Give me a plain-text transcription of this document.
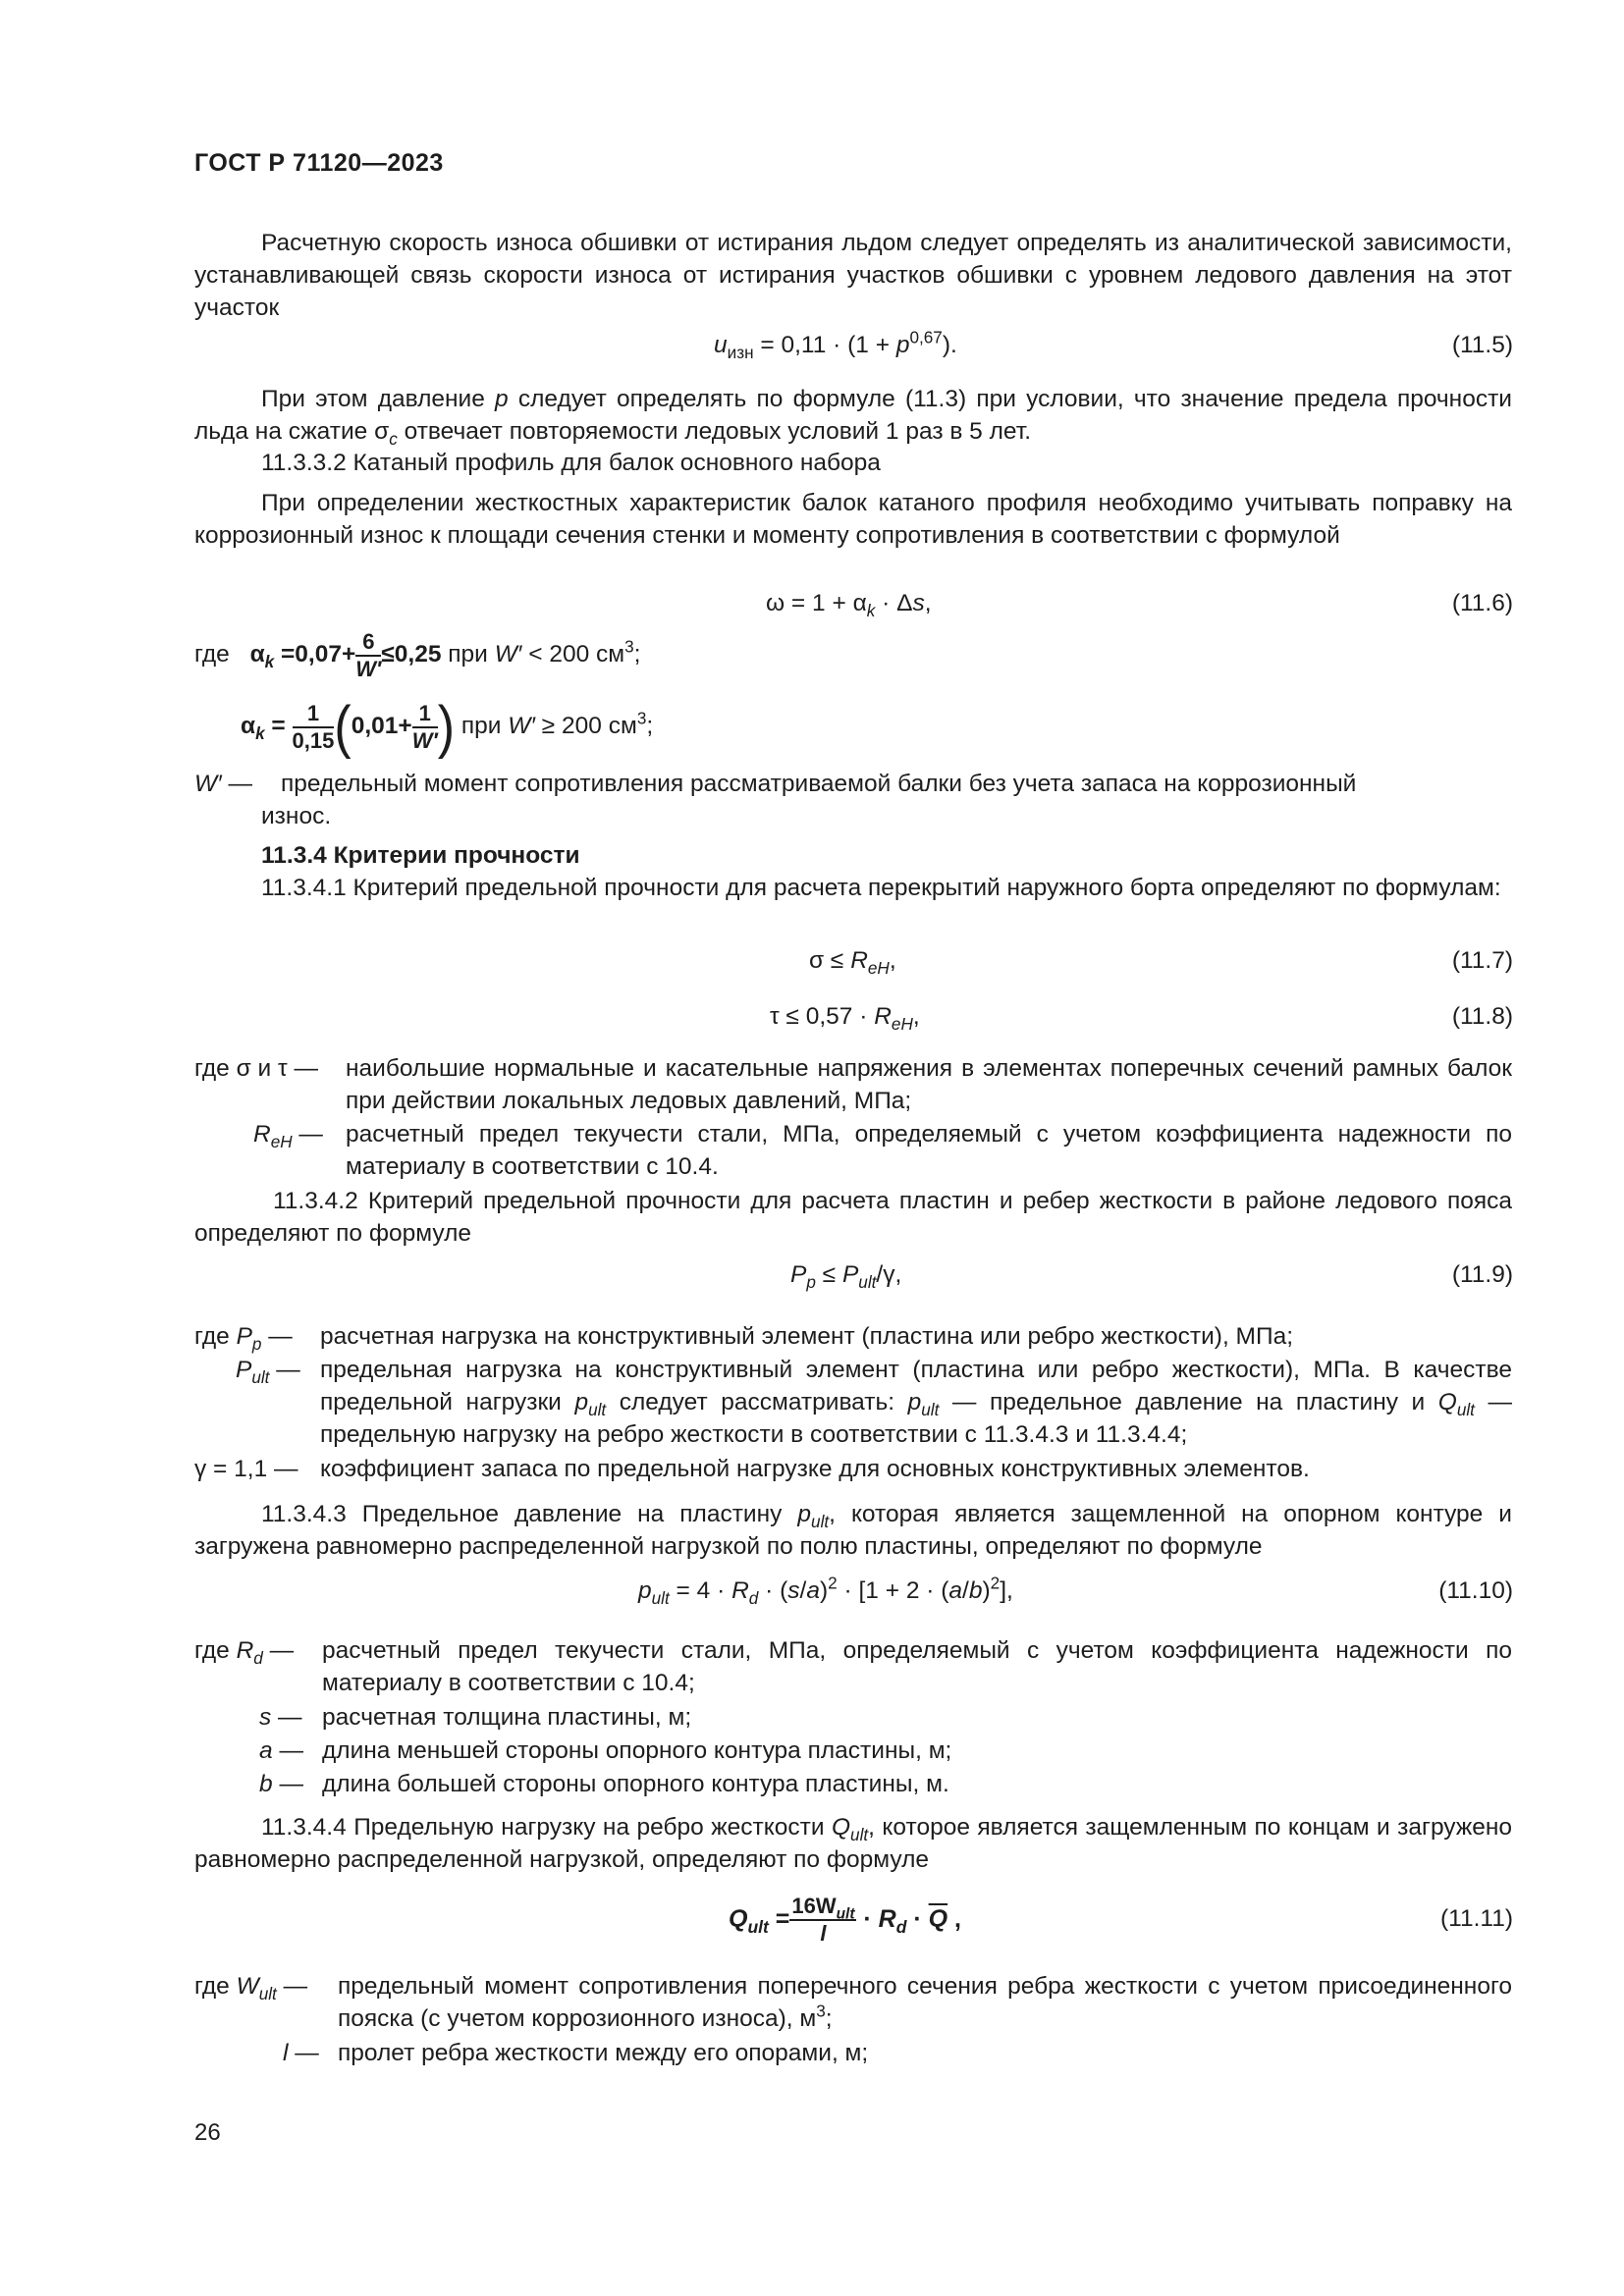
ГОСТ Р 71120—2023
Расчетную скорость износа обшивки от истирания льдом следует определять из аналитической зависимости, устанавливающей связь скорости износа от истирания участков обшивки с уровнем ледового давления на этот участок
$u_{изн} = 0,11 \cdot (1 + p^{0,67})$.	(11.5)
При этом давление p следует определять по формуле (11.3) при условии, что значение предела прочности льда на сжатие $\sigma_c$ отвечает повторяемости ледовых условий 1 раз в 5 лет.
11.3.3.2 Катаный профиль для балок основного набора
При определении жесткостных характеристик балок катаного профиля необходимо учитывать поправку на коррозионный износ к площади сечения стенки и моменту сопротивления в соответствии с формулой
$\omega = 1 + \alpha_k \cdot \Delta s$,	(11.6)
где $\alpha_k =0,07+ \frac{6}{W'} \le 0,25$ при W′ < 200 $см^3$;
$\alpha_k = \frac{1}{0,15} (0,01+ \frac{1}{W'}$ ) при W′ ≥ 200 $см^3$;
W′ —	предельный момент сопротивления рассматриваемой балки без учета запаса на коррозионный
износ.
11.3.4 Критерии прочности
11.3.4.1 Критерий предельной прочности для расчета перекрытий наружного борта определяют по формулам:
$\sigma \le R_{eH}$,	(11.7)
$\tau \le 0,57 \cdot R_{eH}$,	(11.8)
где σ и τ —	наибольшие нормальные и касательные напряжения в элементах поперечных сечений рамных балок при действии локальных ледовых давлений, МПа;
$R_{eH}$ — расчетный предел текучести стали, МПа, определяемый с учетом коэффициента надежности по материалу в соответствии с 10.4.
11.3.4.2 Критерий предельной прочности для расчета пластин и ребер жесткости в районе ледового пояса определяют по формуле
$P_p \le P_{ult}/\gamma$,	(11.9)
где $P_p$ —	расчетная нагрузка на конструктивный элемент (пластина или ребро жесткости), МПа;
$P_{ult}$ — предельная нагрузка на конструктивный элемент (пластина или ребро жесткости), МПа. В качестве предельной нагрузки $p_{ult}$ следует рассматривать: $p_{ult}$ — предельное давление на пластину и $Q_{ult}$ — предельную нагрузку на ребро жесткости в соответствии с 11.3.4.3 и 11.3.4.4;
γ = 1,1 — коэффициент запаса по предельной нагрузке для основных конструктивных элементов.
11.3.4.3 Предельное давление на пластину $p_{ult}$, которая является защемленной на опорном контуре и загружена равномерно распределенной нагрузкой по полю пластины, определяют по формуле
$p_{ult} = 4 \cdot R_d \cdot (s/a)^2 \cdot [1 + 2 \cdot (a/b)^2]$,	(11.10)
где $R_d$ —	расчетный предел текучести стали, МПа, определяемый с учетом коэффициента надежности по материалу в соответствии с 10.4;
s — расчетная толщина пластины, м;
a — длина меньшей стороны опорного контура пластины, м;
b — длина большей стороны опорного контура пластины, м.
11.3.4.4 Предельную нагрузку на ребро жесткости $Q_{ult}$, которое является защемленным по концам и загружено равномерно распределенной нагрузкой, определяют по формуле
$Q_{ult} = \frac{16W_{ult}}{l} \cdot R_d \cdot \overline{Q}$ ,	(11.11)
где $W_{ult}$ —	предельный момент сопротивления поперечного сечения ребра жесткости с учетом присоединенного пояска (с учетом коррозионного износа), $м^3$;
l — пролет ребра жесткости между его опорами, м;
26
